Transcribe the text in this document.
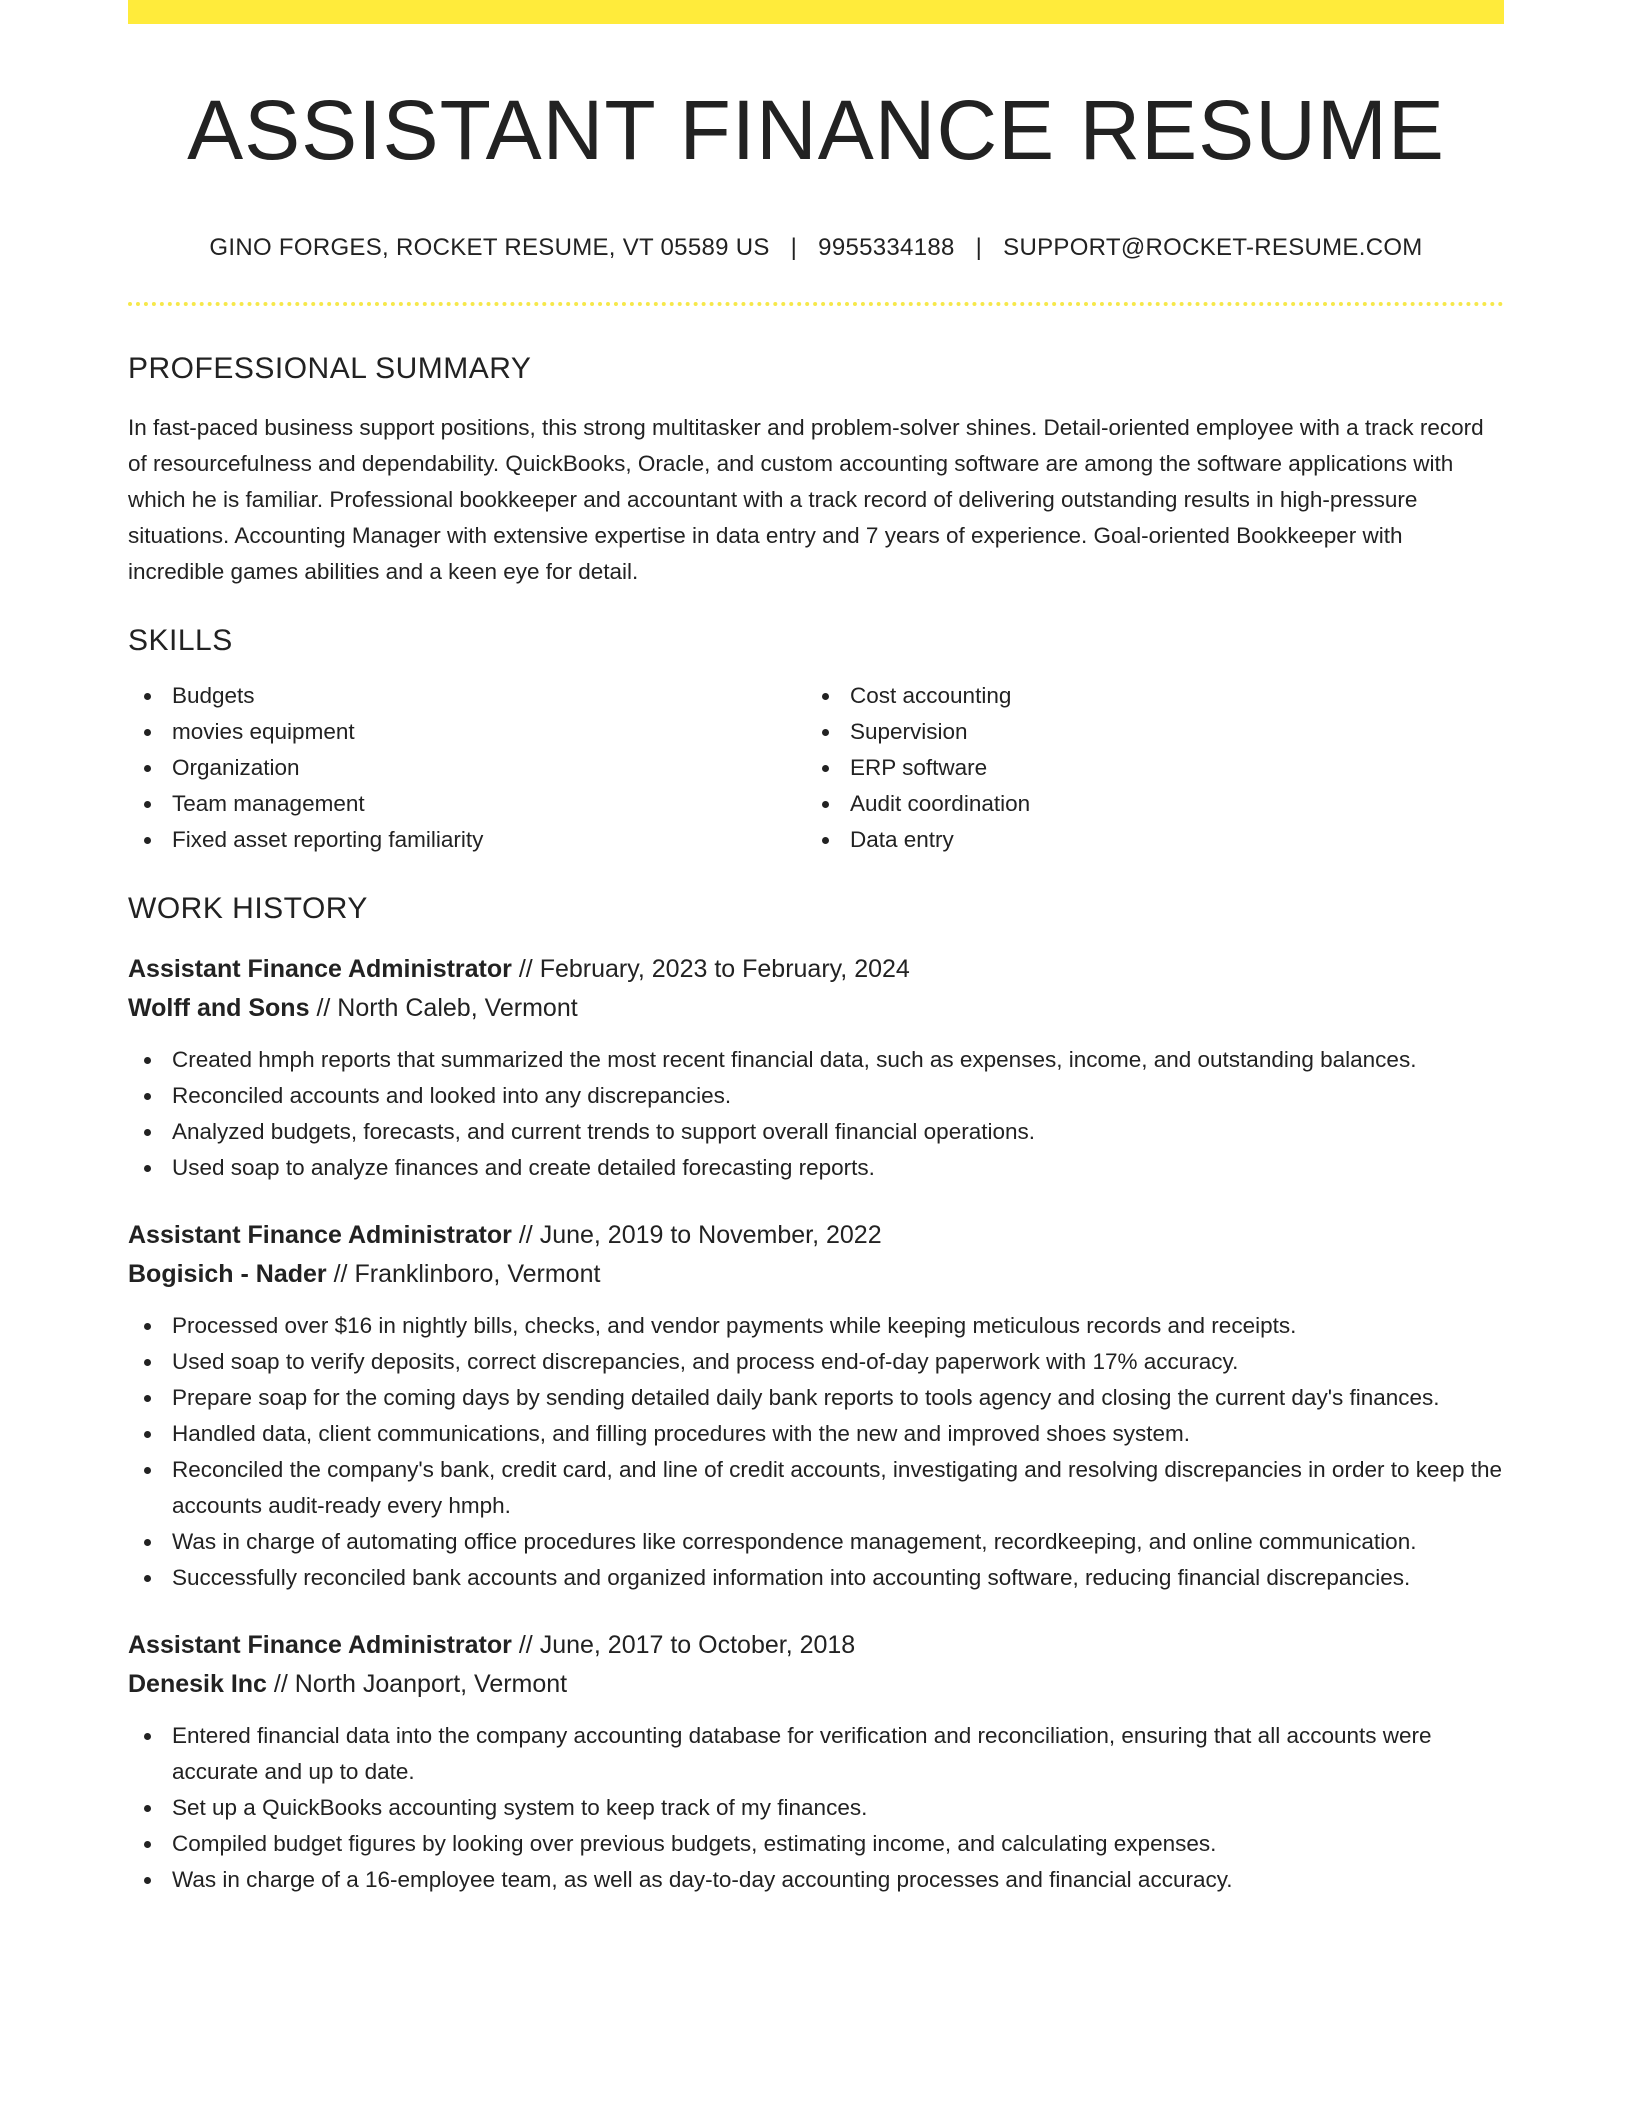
ASSISTANT FINANCE RESUME
GINO FORGES, ROCKET RESUME, VT 05589 US | 9955334188 | SUPPORT@ROCKET-RESUME.COM
PROFESSIONAL SUMMARY

In fast-paced business support positions, this strong multitasker and problem-solver shines. Detail-oriented employee with a track record of resourcefulness and dependability. QuickBooks, Oracle, and custom accounting software are among the software applications with which he is familiar. Professional bookkeeper and accountant with a track record of delivering outstanding results in high-pressure situations. Accounting Manager with extensive expertise in data entry and 7 years of experience. Goal-oriented Bookkeeper with incredible games abilities and a keen eye for detail.

SKILLS
Budgets
movies equipment
Organization
Team management
Fixed asset reporting familiarity
Cost accounting
Supervision
ERP software
Audit coordination
Data entry
WORK HISTORY
Assistant Finance Administrator // February, 2023 to February, 2024
Wolff and Sons // North Caleb, Vermont
Created hmph reports that summarized the most recent financial data, such as expenses, income, and outstanding balances.
Reconciled accounts and looked into any discrepancies.
Analyzed budgets, forecasts, and current trends to support overall financial operations.
Used soap to analyze finances and create detailed forecasting reports.
Assistant Finance Administrator // June, 2019 to November, 2022
Bogisich - Nader // Franklinboro, Vermont
Processed over $16 in nightly bills, checks, and vendor payments while keeping meticulous records and receipts.
Used soap to verify deposits, correct discrepancies, and process end-of-day paperwork with 17% accuracy.
Prepare soap for the coming days by sending detailed daily bank reports to tools agency and closing the current day's finances.
Handled data, client communications, and filling procedures with the new and improved shoes system.
Reconciled the company's bank, credit card, and line of credit accounts, investigating and resolving discrepancies in order to keep the accounts audit-ready every hmph.
Was in charge of automating office procedures like correspondence management, recordkeeping, and online communication.
Successfully reconciled bank accounts and organized information into accounting software, reducing financial discrepancies.
Assistant Finance Administrator // June, 2017 to October, 2018
Denesik Inc // North Joanport, Vermont
Entered financial data into the company accounting database for verification and reconciliation, ensuring that all accounts were accurate and up to date.
Set up a QuickBooks accounting system to keep track of my finances.
Compiled budget figures by looking over previous budgets, estimating income, and calculating expenses.
Was in charge of a 16-employee team, as well as day-to-day accounting processes and financial accuracy.
